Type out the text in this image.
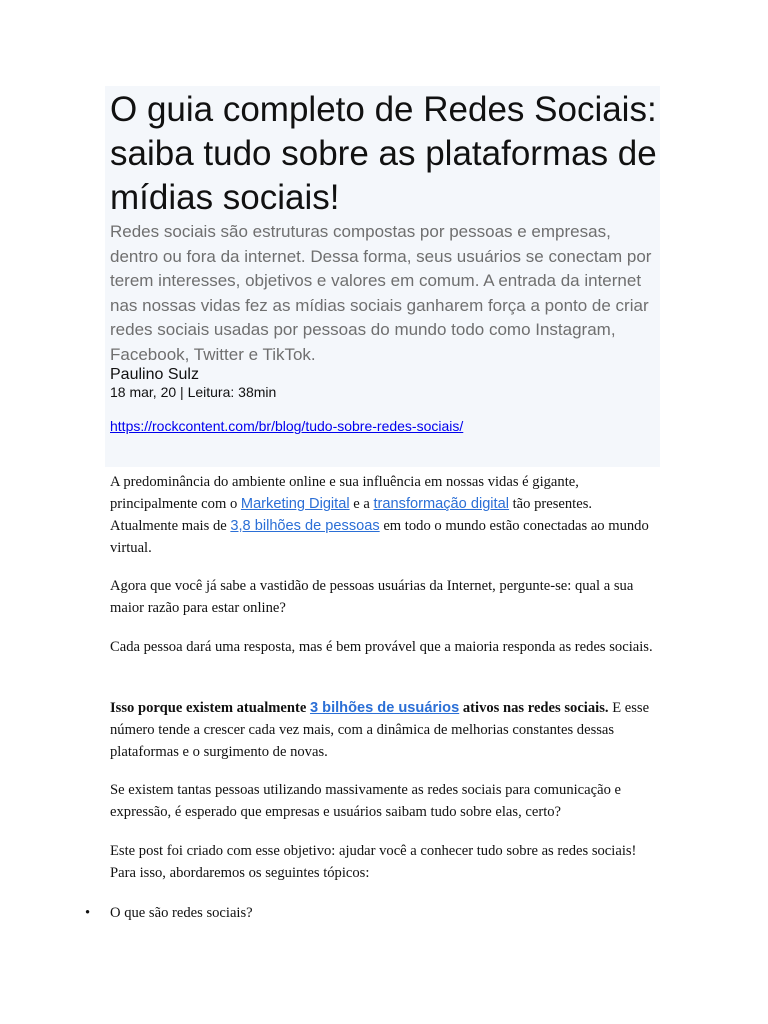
O guia completo de Redes Sociais: saiba tudo sobre as plataformas de mídias sociais!

Redes sociais são estruturas compostas por pessoas e empresas, dentro ou fora da internet. Dessa forma, seus usuários se conectam por terem interesses, objetivos e valores em comum. A entrada da internet nas nossas vidas fez as mídias sociais ganharem força a ponto de criar redes sociais usadas por pessoas do mundo todo como Instagram, Facebook, Twitter e TikTok.

Paulino Sulz

18 mar, 20 | Leitura: 38min

https://rockcontent.com/br/blog/tudo-sobre-redes-sociais/

A predominância do ambiente online e sua influência em nossas vidas é gigante, principalmente com o Marketing Digital e a transformação digital tão presentes. Atualmente mais de 3,8 bilhões de pessoas em todo o mundo estão conectadas ao mundo virtual.

Agora que você já sabe a vastidão de pessoas usuárias da Internet, pergunte-se: qual a sua maior razão para estar online?

Cada pessoa dará uma resposta, mas é bem provável que a maioria responda as redes sociais.

Isso porque existem atualmente 3 bilhões de usuários ativos nas redes sociais. E esse número tende a crescer cada vez mais, com a dinâmica de melhorias constantes dessas plataformas e o surgimento de novas.

Se existem tantas pessoas utilizando massivamente as redes sociais para comunicação e expressão, é esperado que empresas e usuários saibam tudo sobre elas, certo?

Este post foi criado com esse objetivo: ajudar você a conhecer tudo sobre as redes sociais! Para isso, abordaremos os seguintes tópicos:

• O que são redes sociais?
